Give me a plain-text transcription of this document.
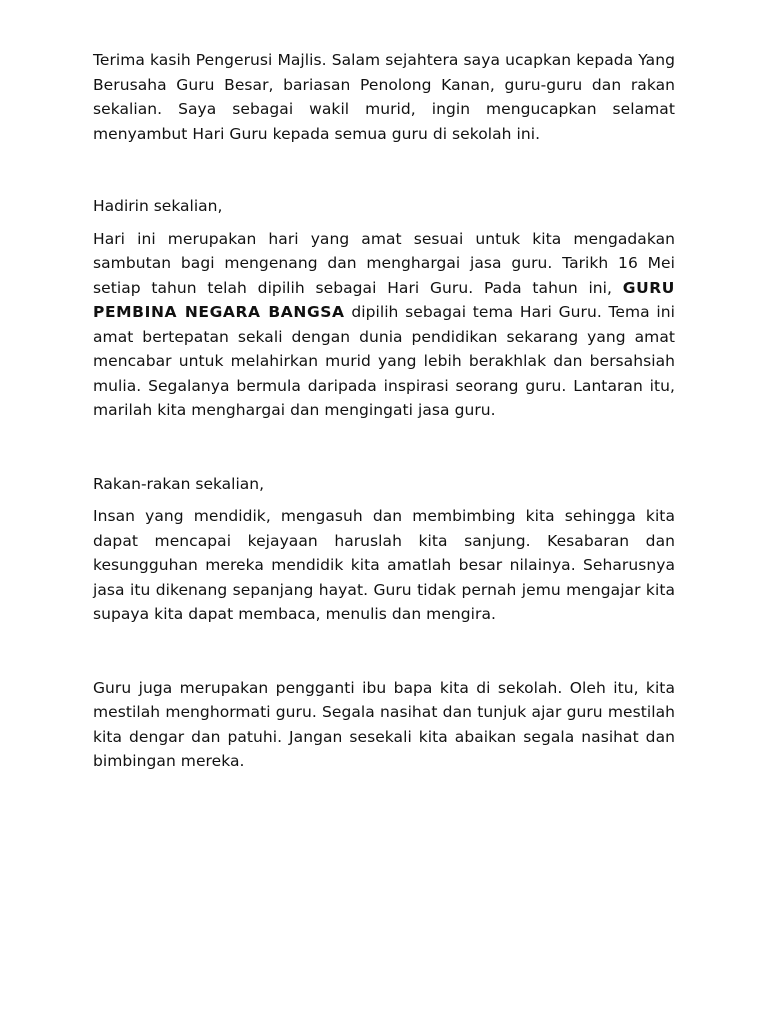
Terima kasih Pengerusi Majlis. Salam sejahtera saya ucapkan kepada Yang Berusaha Guru Besar, bariasan Penolong Kanan, guru-guru dan rakan sekalian. Saya sebagai wakil murid, ingin mengucapkan selamat menyambut Hari Guru kepada semua guru di sekolah ini.

Hadirin sekalian,

Hari ini merupakan hari yang amat sesuai untuk kita mengadakan sambutan bagi mengenang dan menghargai jasa guru. Tarikh 16 Mei setiap tahun telah dipilih sebagai Hari Guru. Pada tahun ini, GURU PEMBINA NEGARA BANGSA dipilih sebagai tema Hari Guru. Tema ini amat bertepatan sekali dengan dunia pendidikan sekarang yang amat mencabar untuk melahirkan murid yang lebih berakhlak dan bersahsiah mulia. Segalanya bermula daripada inspirasi seorang guru. Lantaran itu, marilah kita menghargai dan mengingati jasa guru.

Rakan-rakan sekalian,

Insan yang mendidik, mengasuh dan membimbing kita sehingga kita dapat mencapai kejayaan haruslah kita sanjung. Kesabaran dan kesungguhan mereka mendidik kita amatlah besar nilainya. Seharusnya jasa itu dikenang sepanjang hayat. Guru tidak pernah jemu mengajar kita supaya kita dapat membaca, menulis dan mengira.

Guru juga merupakan pengganti ibu bapa kita di sekolah. Oleh itu, kita mestilah menghormati guru. Segala nasihat dan tunjuk ajar guru mestilah kita dengar dan patuhi. Jangan sesekali kita abaikan segala nasihat dan bimbingan mereka.
